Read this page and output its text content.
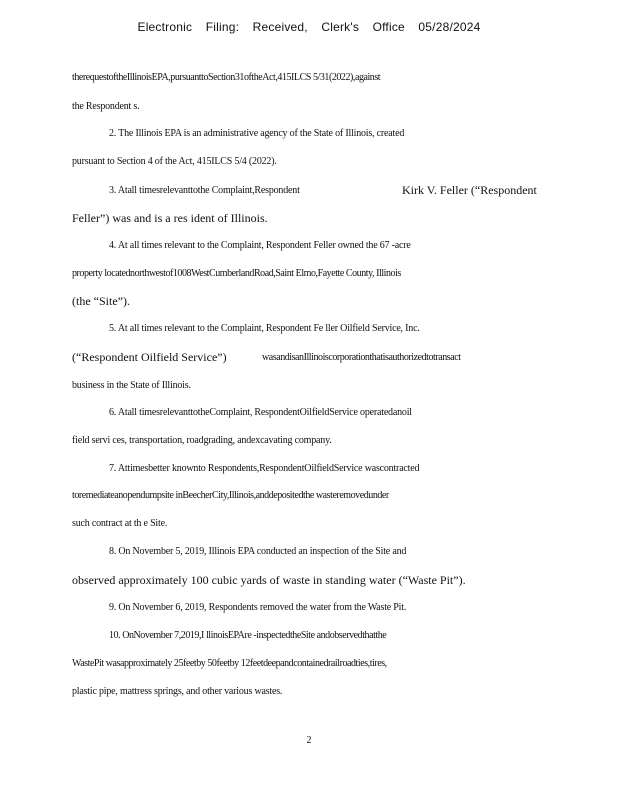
Electronic Filing: Received, Clerk's Office 05/28/2024
therequestoftheIllinoisEPA,pursuanttoSection31oftheAct,415ILCS 5/31(2022),against
the Respondent s.
2. The Illinois EPA is an administrative agency of the State of Illinois, created
pursuant to Section 4 of the Act, 415ILCS 5/4 (2022).
3. Atall timesrelevanttothe Complaint,Respondent	Kirk V. Feller (“Respondent
Feller”) was and is a res ident of Illinois.
4. At all times relevant to the Complaint, Respondent Feller owned the 67 -acre
property locatednorthwestof1008WestCumberlandRoad,Saint Elmo,Fayette County, Illinois
(the “Site”).
5. At all times relevant to the Complaint, Respondent Fe ller Oilfield Service, Inc.
(“Respondent Oilfield Service”)	wasandisanIllinoiscorporationthatisauthorizedtotransact
business in the State of Illinois.
6. Atall timesrelevanttotheComplaint, RespondentOilfieldService operatedanoil
field servi ces, transportation, roadgrading, andexcavating company.
7. Attimesbetter knownto Respondents,RespondentOilfieldService wascontracted
toremediateanopendumpsite inBeecherCity,Illinois,anddepositedthe wasteremovedunder
such contract at th e Site.
8. On November 5, 2019, Illinois EPA conducted an inspection of the Site and
observed approximately 100 cubic yards of waste in standing water (“Waste Pit”).
9. On November 6, 2019, Respondents removed the water from the Waste Pit.
10. OnNovember 7,2019,I llinoisEPAre -inspectedtheSite andobservedthatthe
WastePit wasapproximately 25feetby 50feetby 12feetdeepandcontainedrailroadties,tires,
plastic pipe, mattress springs, and other various wastes.
2
